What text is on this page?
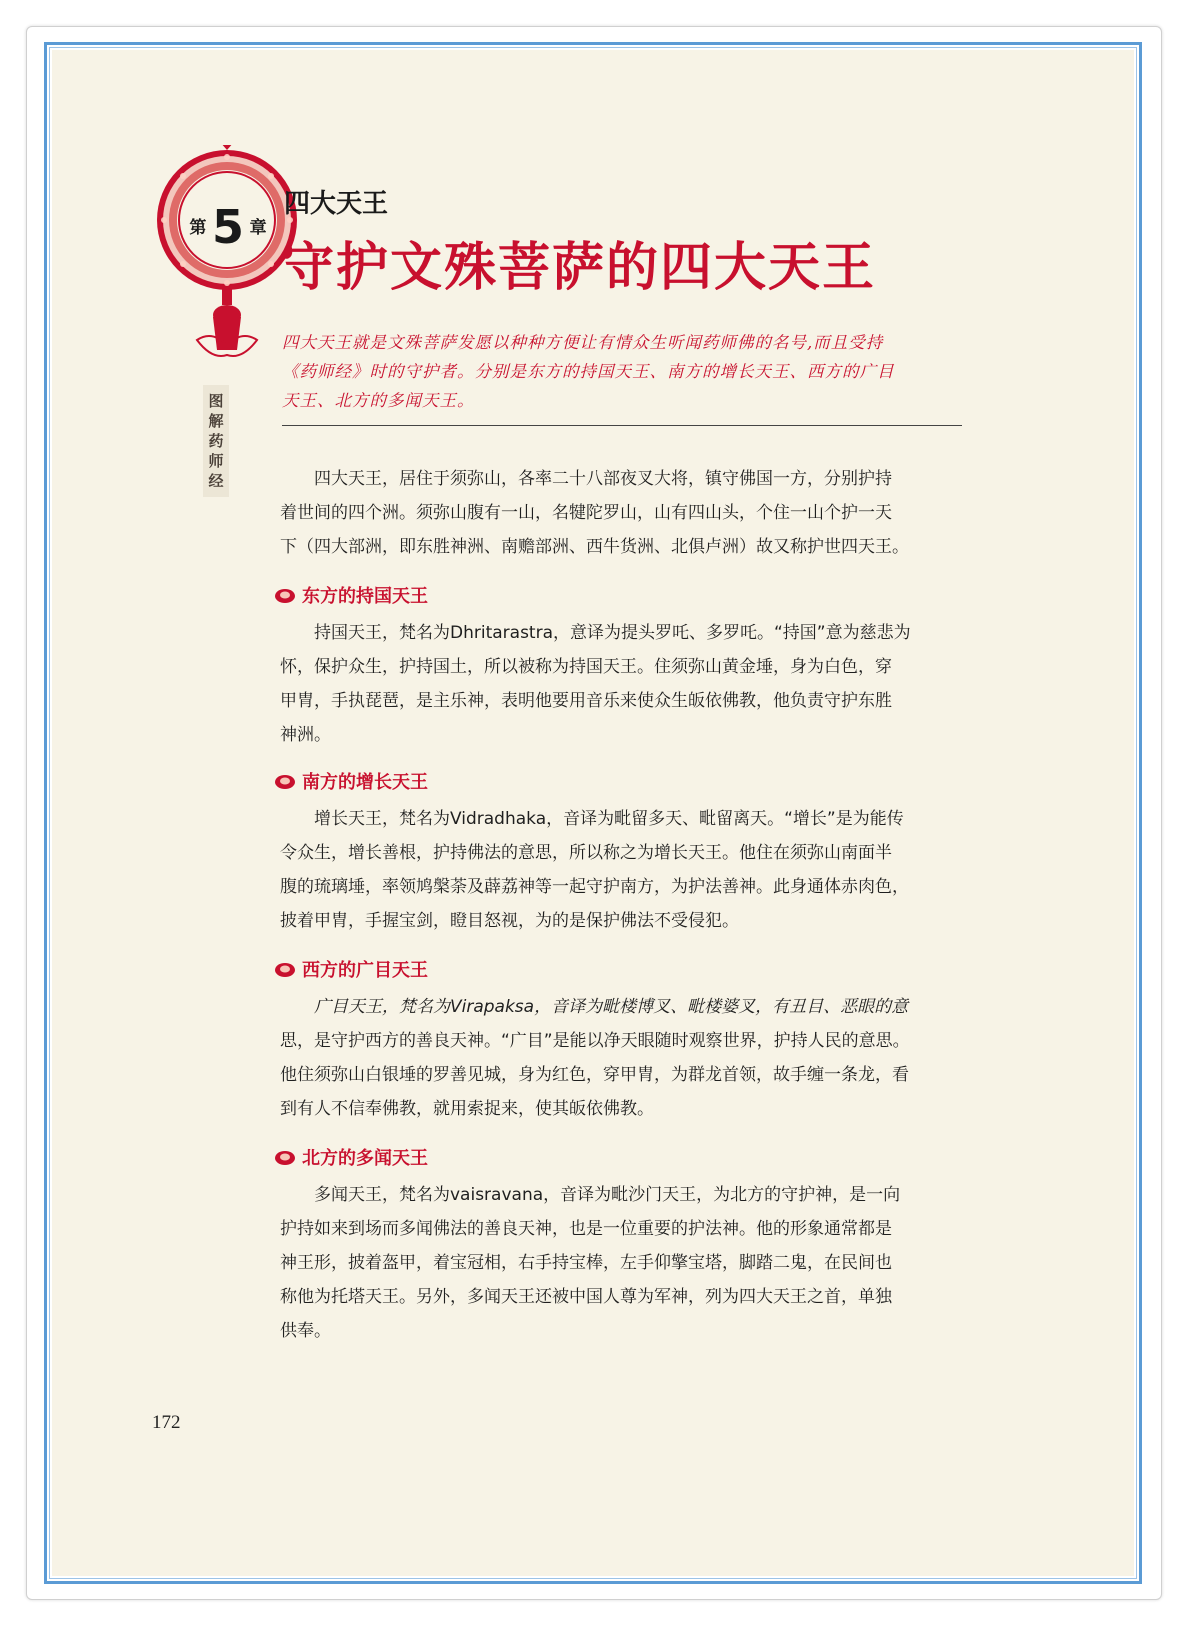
第 5 章
图
解
药
师
经
四大天王
守护文殊菩萨的四大天王

四大天王就是文殊菩萨发愿以种种方便让有情众生听闻药师佛的名号,而且受持

《药师经》时的守护者。分别是东方的持国天王、南方的增长天王、西方的广目

天王、北方的多闻天王。

四大天王，居住于须弥山，各率二十八部夜叉大将，镇守佛国一方，分别护持

着世间的四个洲。须弥山腹有一山，名犍陀罗山，山有四山头，个住一山个护一天

下（四大部洲，即东胜神洲、南赡部洲、西牛货洲、北俱卢洲）故又称护世四天王。

东方的持国天王

持国天王，梵名为Dhritarastra，意译为提头罗吒、多罗吒。“持国”意为慈悲为

怀，保护众生，护持国土，所以被称为持国天王。住须弥山黄金埵，身为白色，穿

甲胄，手执琵琶，是主乐神，表明他要用音乐来使众生皈依佛教，他负责守护东胜

神洲。

南方的增长天王

增长天王，梵名为Vidradhaka，音译为毗留多天、毗留离天。“增长”是为能传

令众生，增长善根，护持佛法的意思，所以称之为增长天王。他住在须弥山南面半

腹的琉璃埵，率领鸠槃荼及薜荔神等一起守护南方，为护法善神。此身通体赤肉色，

披着甲胄，手握宝剑，瞪目怒视，为的是保护佛法不受侵犯。

西方的广目天王

广目天王，梵名为Virapaksa，音译为毗楼博叉、毗楼婆叉，有丑目、恶眼的意

思，是守护西方的善良天神。“广目”是能以净天眼随时观察世界，护持人民的意思。

他住须弥山白银埵的罗善见城，身为红色，穿甲胄，为群龙首领，故手缠一条龙，看

到有人不信奉佛教，就用索捉来，使其皈依佛教。

北方的多闻天王

多闻天王，梵名为vaisravana，音译为毗沙门天王，为北方的守护神，是一向

护持如来到场而多闻佛法的善良天神，也是一位重要的护法神。他的形象通常都是

神王形，披着盔甲，着宝冠相，右手持宝棒，左手仰擎宝塔，脚踏二鬼，在民间也

称他为托塔天王。另外，多闻天王还被中国人尊为军神，列为四大天王之首，单独

供奉。

172
